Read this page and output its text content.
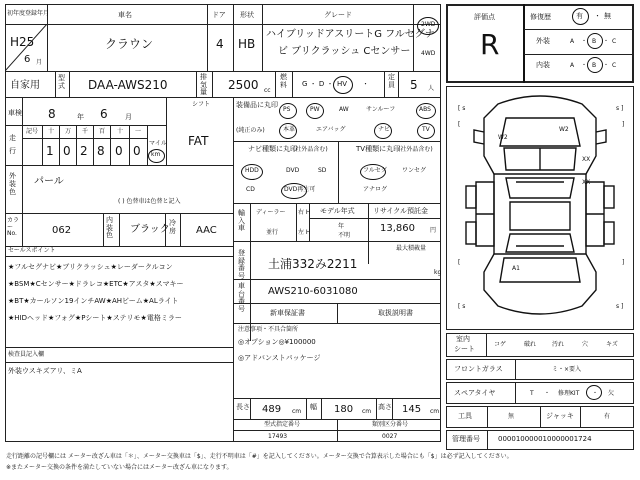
初年度登録年月
H25
6 月
車名
クラウン
ドア
4
形状
HB
グレード
ハイブリッドアスリートG フルセグナ
ビ ブリクラッシュ Cセンサー
2WD
4WD
自家用
型式 DAA-AWS210
排気量
2500 cc
燃料 G ・ D ・ HV ・
定員 5 人
車検 8	年 6 月
シフト
FAT
走
行
記号 十 万 千 百 十 一
1 0 2 8 0 0
マイル
km
外装色
パール
( ) 色替車は色替と記入
カラーNo.	062
内装色
ブラック
冷房 AAC
セールスポイント
★フルセグナビ★ブリクラッシュ★レーダークルコン
★BSM★Cセンサー★ドラレコ★ETC★アスタ★スマキー
★BT★カールソン19インチAW★AHビーム★ALライト
★HIDヘッド★フォグ★Pシート★ステリモ★電格ミラー
検査員記入欄
外装ウスキズアリ、ミA
装備品に丸印
(純正のみ)
PS	PW	AW	サンルーフ	ABS
本革	エアバッグ	ナビ	TV
ナビ種類に丸印
(社外品含む)
HDD	DVD	SD
CD	DVD再生可
TV種類に丸印
(社外品含む)
フルセグ	ワンセグ
アナログ
輸入車
ディーラー
並行
右 H
左 H
モデル年式
年
不明
リサイクル預託金
13,860	円
最大積載量
kg
登録番号
土浦332み2211
車台番号
AWS210-6031080
新車保証書	取扱説明書
注意事項・不具合箇所
◎オプション◎¥100000
◎アドバンストパッケージ
長さ 489 cm
幅 180 cm
高さ 145 cm
型式指定番号
17493
類別区分番号
0027
評価点
R
修復歴	有 ・ 無
外装	A ・ B ・ C
内装	A ・ B ・ C
[ s	s ]
[	]
[	]
[ s	s ]
W2
W2
XX
XX
A1
室内
シート
コゲ	破れ	汚れ	穴	キズ
フロントガラス	ミ・×要入
スペアタイヤ	T ・ 修理KIT ・ 欠
工具	無	ジャッキ	有
管理番号	000010000010000001724
走行距離の記号欄には メーター改ざん車は「＊」、メーター交換車は「$」、走行不明車は「#」を記入してください。メーター交換で合算表示した場合にも「$」は必ず記入してください。
※またメーター交換の条件を満たしていない場合にはメーター改ざん車になります。
